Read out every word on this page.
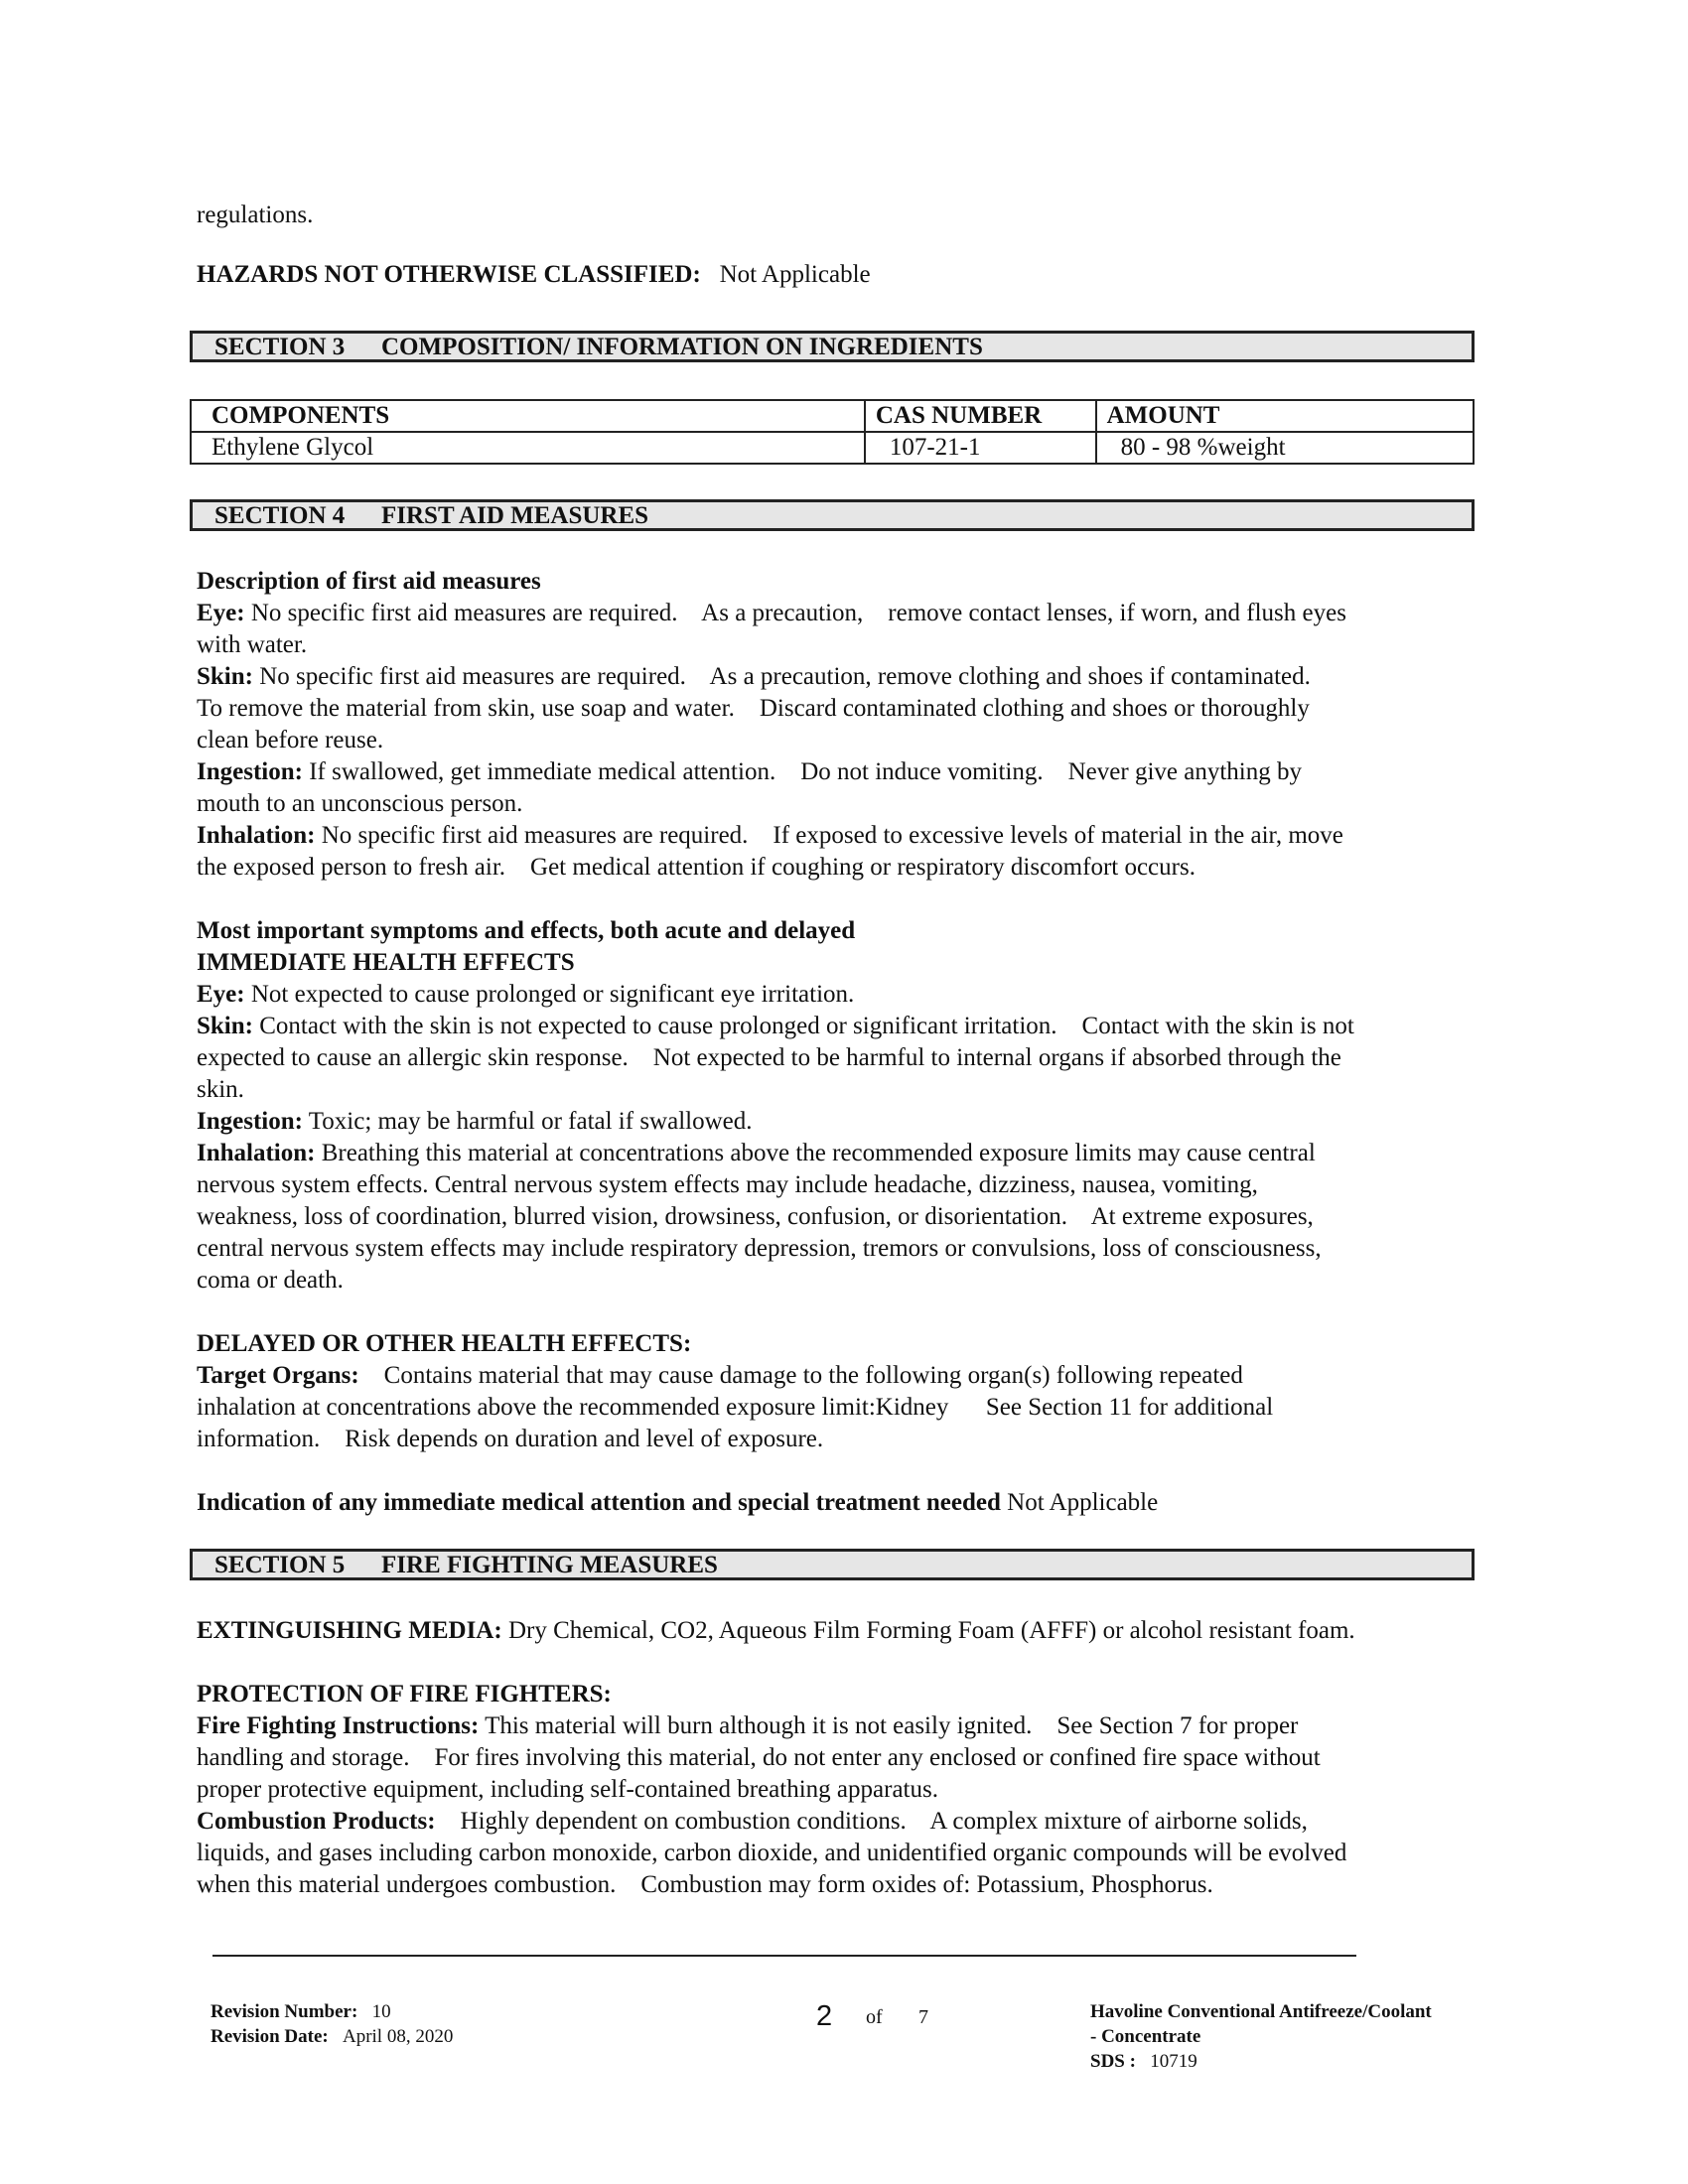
regulations.
HAZARDS NOT OTHERWISE CLASSIFIED: Not Applicable
SECTION 3 COMPOSITION/ INFORMATION ON INGREDIENTS
COMPONENTS	CAS NUMBER	AMOUNT
Ethylene Glycol	107-21-1	80 - 98 %weight
SECTION 4 FIRST AID MEASURES
Description of first aid measures
Eye: No specific first aid measures are required.    As a precaution,    remove contact lenses, if worn, and flush eyes
with water.
Skin: No specific first aid measures are required.    As a precaution, remove clothing and shoes if contaminated.
To remove the material from skin, use soap and water.    Discard contaminated clothing and shoes or thoroughly
clean before reuse.
Ingestion: If swallowed, get immediate medical attention.    Do not induce vomiting.    Never give anything by
mouth to an unconscious person.
Inhalation: No specific first aid measures are required.    If exposed to excessive levels of material in the air, move
the exposed person to fresh air.    Get medical attention if coughing or respiratory discomfort occurs.
Most important symptoms and effects, both acute and delayed
IMMEDIATE HEALTH EFFECTS
Eye: Not expected to cause prolonged or significant eye irritation.
Skin: Contact with the skin is not expected to cause prolonged or significant irritation.    Contact with the skin is not
expected to cause an allergic skin response.    Not expected to be harmful to internal organs if absorbed through the
skin.
Ingestion: Toxic; may be harmful or fatal if swallowed.
Inhalation: Breathing this material at concentrations above the recommended exposure limits may cause central
nervous system effects. Central nervous system effects may include headache, dizziness, nausea, vomiting,
weakness, loss of coordination, blurred vision, drowsiness, confusion, or disorientation.    At extreme exposures,
central nervous system effects may include respiratory depression, tremors or convulsions, loss of consciousness,
coma or death.
DELAYED OR OTHER HEALTH EFFECTS:
Target Organs:    Contains material that may cause damage to the following organ(s) following repeated
inhalation at concentrations above the recommended exposure limit:Kidney      See Section 11 for additional
information.    Risk depends on duration and level of exposure.
Indication of any immediate medical attention and special treatment needed Not Applicable
SECTION 5 FIRE FIGHTING MEASURES
EXTINGUISHING MEDIA: Dry Chemical, CO2, Aqueous Film Forming Foam (AFFF) or alcohol resistant foam.
PROTECTION OF FIRE FIGHTERS:
Fire Fighting Instructions: This material will burn although it is not easily ignited.    See Section 7 for proper
handling and storage.    For fires involving this material, do not enter any enclosed or confined fire space without
proper protective equipment, including self-contained breathing apparatus.
Combustion Products:    Highly dependent on combustion conditions.    A complex mixture of airborne solids,
liquids, and gases including carbon monoxide, carbon dioxide, and unidentified organic compounds will be evolved
when this material undergoes combustion.    Combustion may form oxides of: Potassium, Phosphorus.
Revision Number: 10
Revision Date: April 08, 2020
2 of 7	Havoline Conventional Antifreeze/Coolant
- Concentrate
SDS : 10719
